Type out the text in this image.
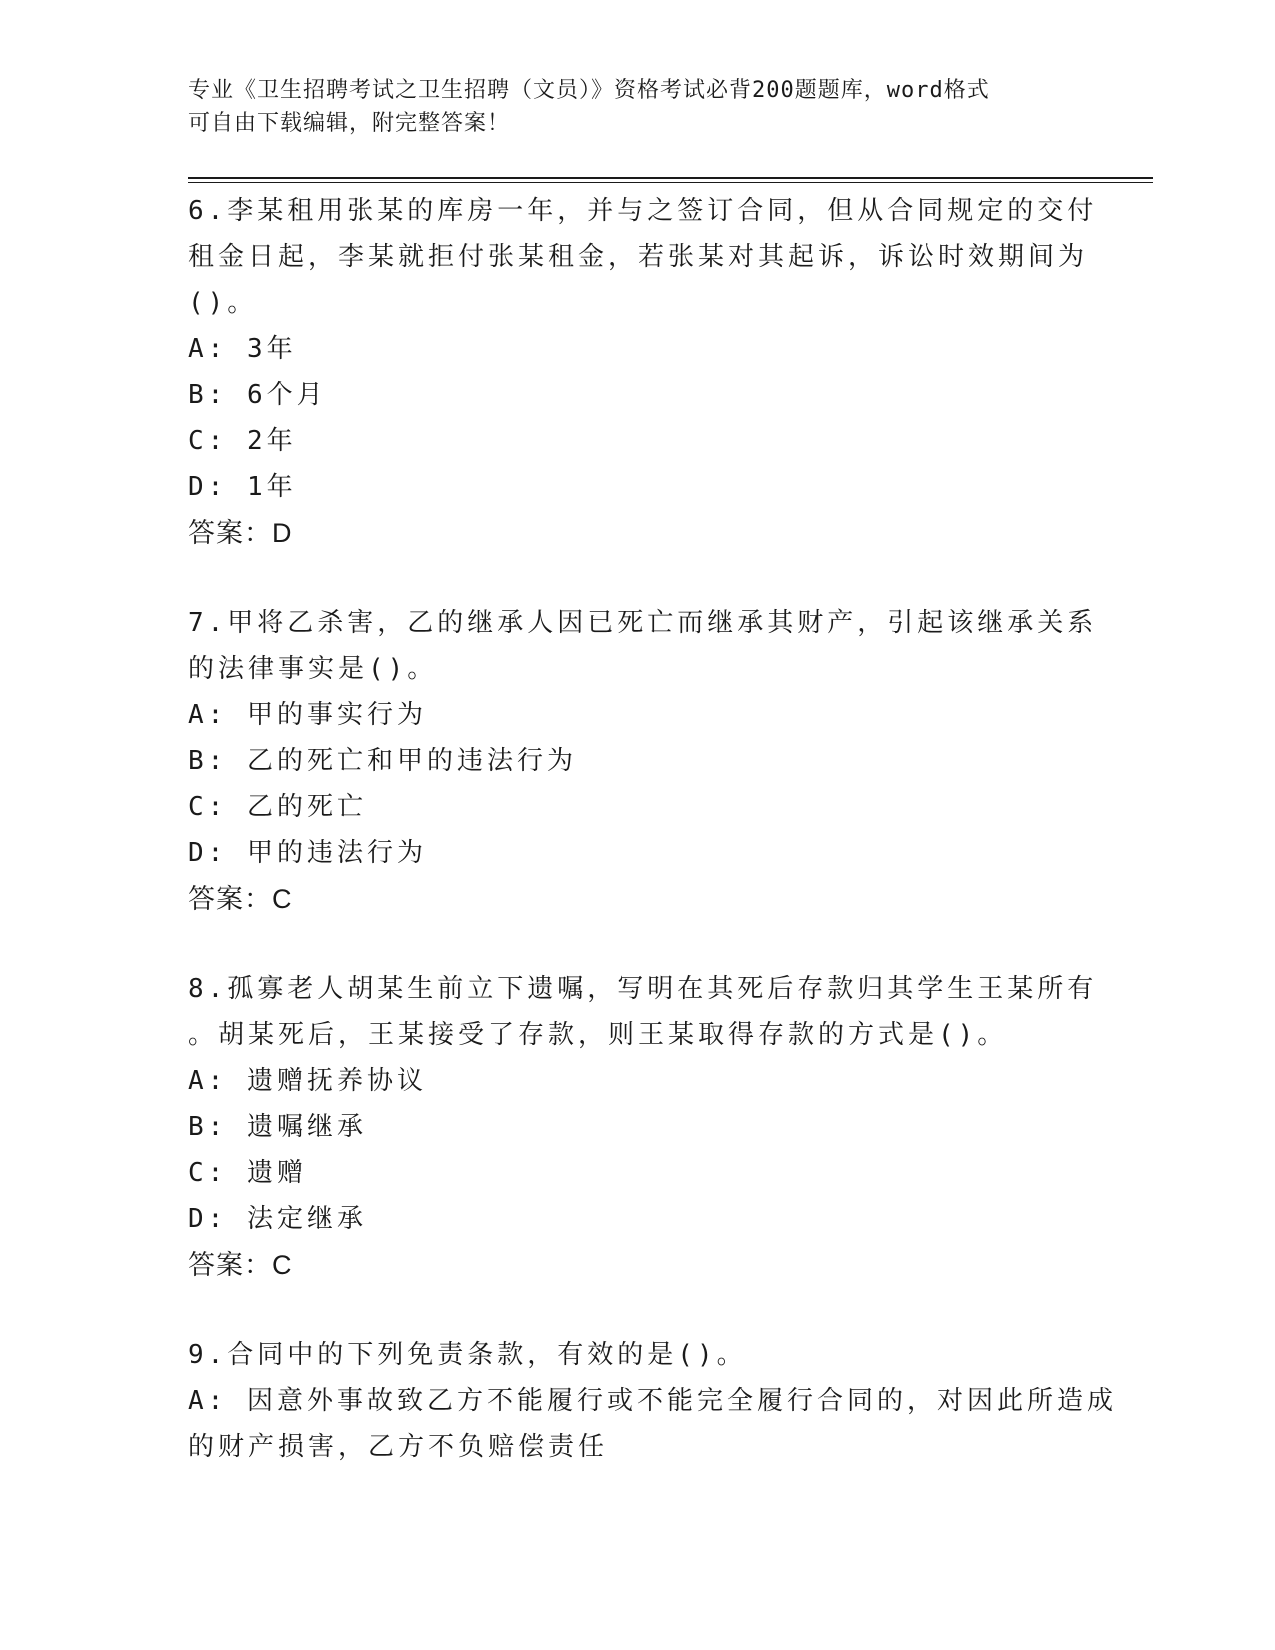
专业《卫生招聘考试之卫生招聘（文员）》资格考试必背200题题库，word格式
可自由下载编辑，附完整答案！
6.李某租用张某的库房一年，并与之签订合同，但从合同规定的交付
租金日起，李某就拒付张某租金，若张某对其起诉，诉讼时效期间为
()。
A: 3年
B: 6个月
C: 2年
D: 1年
答案：D
7.甲将乙杀害，乙的继承人因已死亡而继承其财产，引起该继承关系
的法律事实是()。
A: 甲的事实行为
B: 乙的死亡和甲的违法行为
C: 乙的死亡
D: 甲的违法行为
答案：C
8.孤寡老人胡某生前立下遗嘱，写明在其死后存款归其学生王某所有
。胡某死后，王某接受了存款，则王某取得存款的方式是()。
A: 遗赠抚养协议
B: 遗嘱继承
C: 遗赠
D: 法定继承
答案：C
9.合同中的下列免责条款，有效的是()。
A: 因意外事故致乙方不能履行或不能完全履行合同的，对因此所造成
的财产损害，乙方不负赔偿责任
